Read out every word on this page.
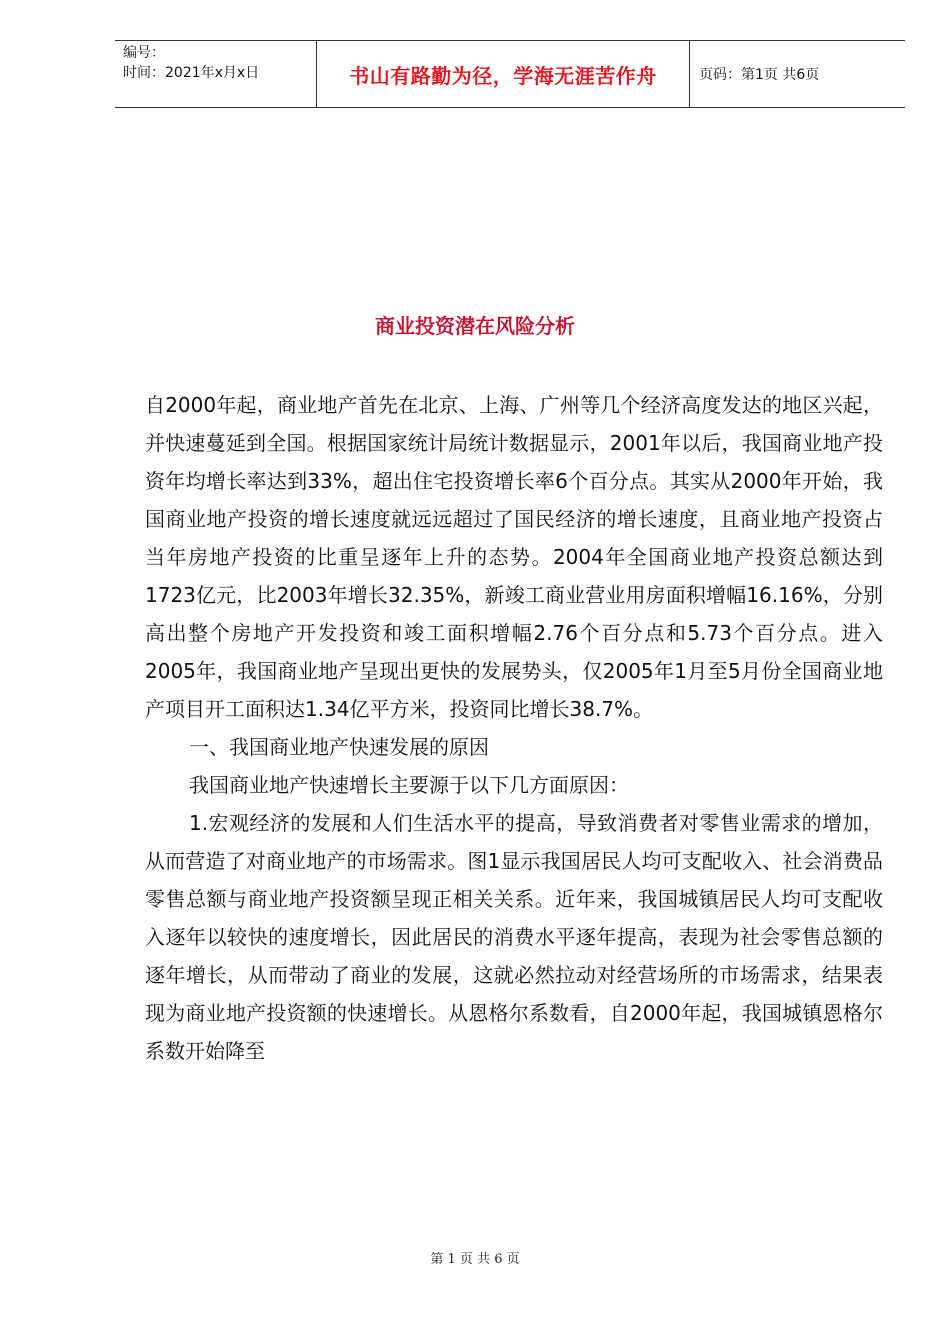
编号：
时间：2021年x月x日	书山有路勤为径，学海无涯苦作舟	页码：第1页 共6页
商业投资潜在风险分析

自2000年起，商业地产首先在北京、上海、广州等几个经济高度发达的地区兴起，并快速蔓延到全国。根据国家统计局统计数据显示，2001年以后，我国商业地产投资年均增长率达到33%，超出住宅投资增长率6个百分点。其实从2000年开始，我国商业地产投资的增长速度就远远超过了国民经济的增长速度，且商业地产投资占当年房地产投资的比重呈逐年上升的态势。2004年全国商业地产投资总额达到1723亿元，比2003年增长32.35%，新竣工商业营业用房面积增幅16.16%，分别高出整个房地产开发投资和竣工面积增幅2.76个百分点和5.73个百分点。进入2005年，我国商业地产呈现出更快的发展势头，仅2005年1月至5月份全国商业地产项目开工面积达1.34亿平方米，投资同比增长38.7%。

一、我国商业地产快速发展的原因

我国商业地产快速增长主要源于以下几方面原因：

1.宏观经济的发展和人们生活水平的提高，导致消费者对零售业需求的增加，从而营造了对商业地产的市场需求。图1显示我国居民人均可支配收入、社会消费品零售总额与商业地产投资额呈现正相关关系。近年来，我国城镇居民人均可支配收入逐年以较快的速度增长，因此居民的消费水平逐年提高，表现为社会零售总额的逐年增长，从而带动了商业的发展，这就必然拉动对经营场所的市场需求，结果表现为商业地产投资额的快速增长。从恩格尔系数看，自2000年起，我国城镇恩格尔系数开始降至

第 1 页 共 6 页
